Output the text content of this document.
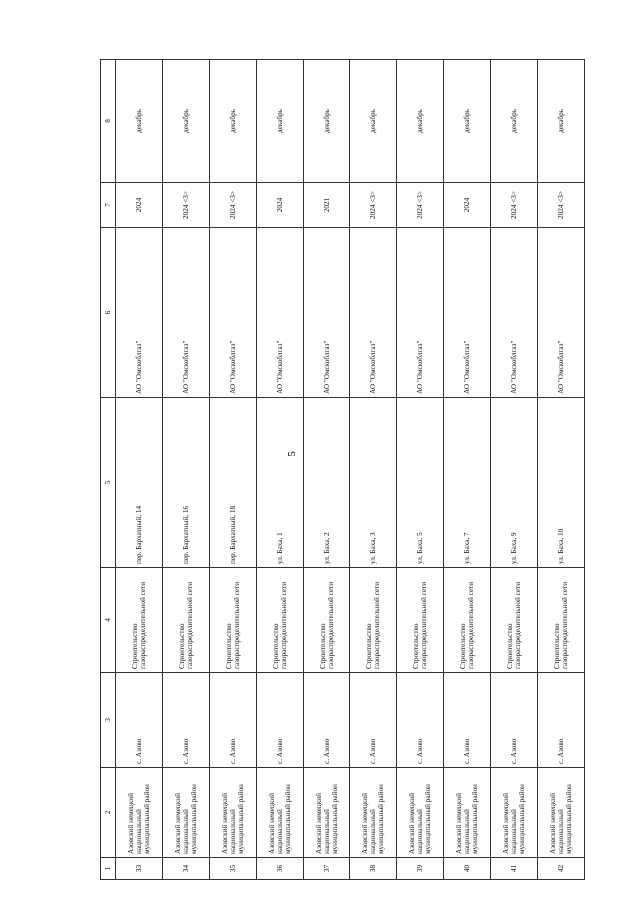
5
1	2	3	4	5	6	7	8
33	Азовский немецкий национальный муниципальный район	с. Азово	Строительство газораспределительной сети	пер. Бархатный, 14	АО "Омскоблгаз"	2024	декабрь
34	Азовский немецкий национальный муниципальный район	с. Азово	Строительство газораспределительной сети	пер. Бархатный, 16	АО "Омскоблгаз"	2024 <3>	декабрь
35	Азовский немецкий национальный муниципальный район	с. Азово	Строительство газораспределительной сети	пер. Бархатный, 18	АО "Омскоблгаз"	2024 <3>	декабрь
36	Азовский немецкий национальный муниципальный район	с. Азово	Строительство газораспределительной сети	ул. Баха, 1	АО "Омскоблгаз"	2024	декабрь
37	Азовский немецкий национальный муниципальный район	с. Азово	Строительство газораспределительной сети	ул. Баха, 2	АО "Омскоблгаз"	2021	декабрь
38	Азовский немецкий национальный муниципальный район	с. Азово	Строительство газораспределительной сети	ул. Баха, 3	АО "Омскоблгаз"	2024 <3>	декабрь
39	Азовский немецкий национальный муниципальный район	с. Азово	Строительство газораспределительной сети	ул. Баха, 5	АО "Омскоблгаз"	2024 <3>	декабрь
40	Азовский немецкий национальный муниципальный район	с. Азово	Строительство газораспределительной сети	ул. Баха, 7	АО "Омскоблгаз"	2024	декабрь
41	Азовский немецкий национальный муниципальный район	с. Азово	Строительство газораспределительной сети	ул. Баха, 9	АО "Омскоблгаз"	2024 <3>	декабрь
42	Азовский немецкий национальный муниципальный район	с. Азово	Строительство газораспределительной сети	ул. Баха, 10	АО "Омскоблгаз"	2024 <3>	декабрь
